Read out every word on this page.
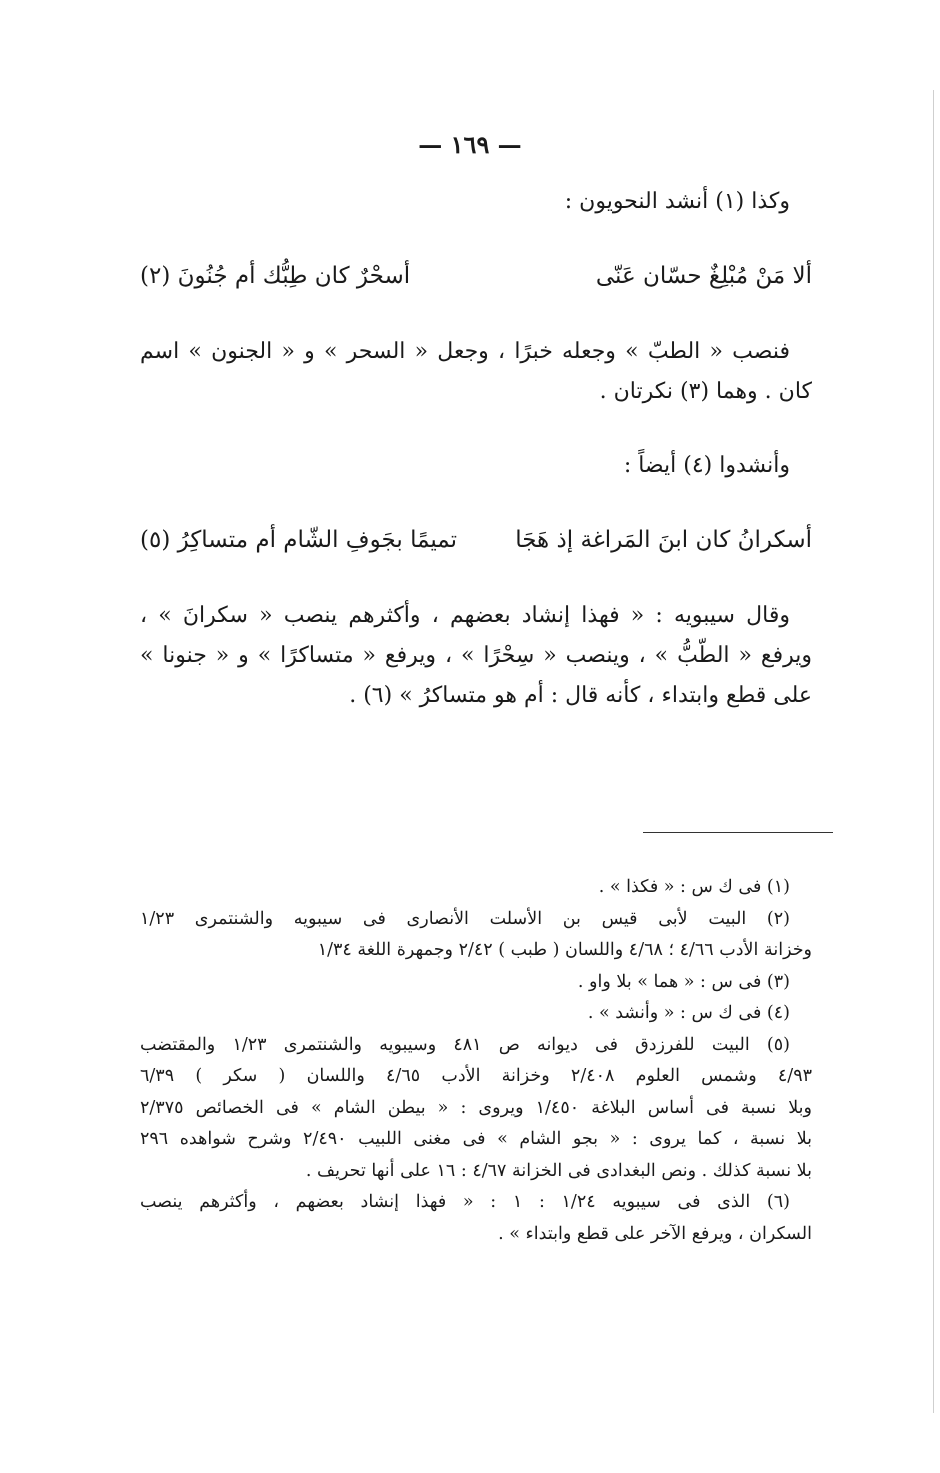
— ١٦٩ —
وكذا (١) أنشد النحويون :
ألا مَنْ مُبْلِغٌ حسّان عَنّى
أسحْرٌ كان طِبُّك أم جُنُونَ (٢)
فنصب « الطبّ » وجعله خبرًا ، وجعل « السحر » و « الجنون » اسم
كان . وهما (٣) نكرتان .
وأنشدوا (٤) أيضاً :
أسكرانُ كان ابنَ المَراغة إذ هَجَا
تميمًا بجَوفِ الشّام أم متساكِرُ (٥)
وقال سيبويه : « فهذا إنشاد بعضهم ، وأكثرهم ينصب « سكرانَ » ،
ويرفع « الطّبُّ » ، وينصب « سِحْرًا » ، ويرفع « متساكرًا » و « جنونا »
على قطع وابتداء ، كأنه قال : أم هو متساكرُ » (٦) .
(١) فى ك س : « فكذا » .
(٢) البيت لأبى قيس بن الأسلت الأنصارى فى سيبويه والشنتمرى ١/٢٣
وخزانة الأدب ٤/٦٦ ؛ ٤/٦٨ واللسان ( طبب ) ٢/٤٢ وجمهرة اللغة ١/٣٤
(٣) فى س : « هما » بلا واو .
(٤) فى ك س : « وأنشد » .
(٥) البيت للفرزدق فى ديوانه ص ٤٨١ وسيبويه والشنتمرى ١/٢٣ والمقتضب
٤/٩٣ وشمس العلوم ٢/٤٠٨ وخزانة الأدب ٤/٦٥ واللسان ( سكر ) ٦/٣٩
وبلا نسبة فى أساس البلاغة ١/٤٥٠ ويروى : « بيطن الشام » فى الخصائص ٢/٣٧٥
بلا نسبة ، كما يروى : « بجو الشام » فى مغنى اللبيب ٢/٤٩٠ وشرح شواهده ٢٩٦
بلا نسبة كذلك . ونص البغدادى فى الخزانة ٤/٦٧ : ١٦ على أنها تحريف .
(٦) الذى فى سيبويه ١/٢٤ : ١ : « فهذا إنشاد بعضهم ، وأكثرهم ينصب
السكران ، ويرفع الآخر على قطع وابتداء » .
